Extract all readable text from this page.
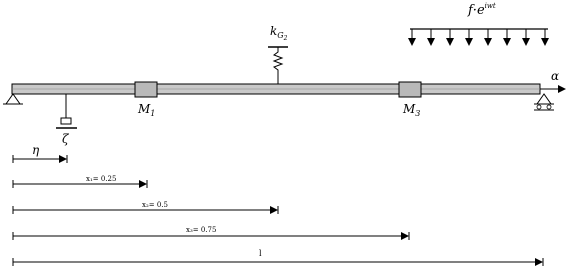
$f\cdot e^{iwt}$
$k_G2$
$M_1$	$M_3$
α
ζ
η
x₁= 0.25
x₂= 0.5
x₃= 0.75
l
